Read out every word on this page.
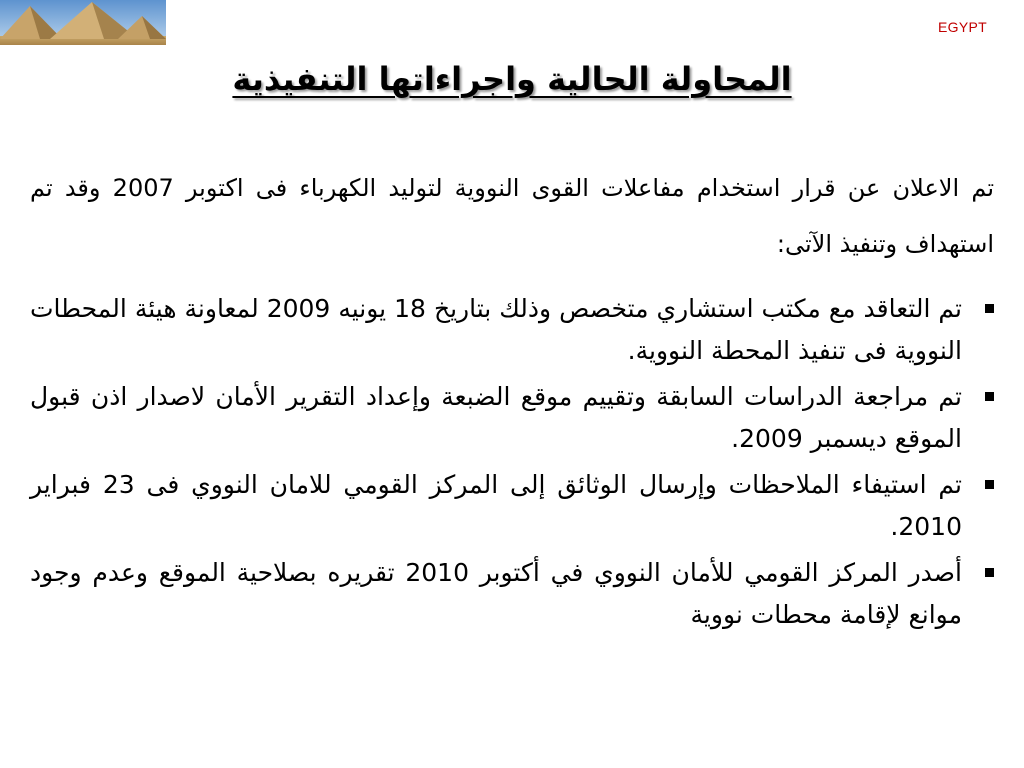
EGYPT
المحاولة الحالية واجراءاتها التنفيذية
تم الاعلان عن قرار استخدام مفاعلات القوى النووية لتوليد الكهرباء فى اكتوبر 2007 وقد تم استهداف وتنفيذ الآتى:
تم التعاقد مع مكتب استشاري متخصص وذلك بتاريخ 18 يونيه 2009 لمعاونة هيئة المحطات النووية فى تنفيذ المحطة النووية.
تم مراجعة الدراسات السابقة وتقييم موقع الضبعة وإعداد التقرير الأمان لاصدار اذن قبول الموقع ديسمبر 2009.
تم استيفاء الملاحظات وإرسال الوثائق إلى المركز القومي للامان النووي فى 23 فبراير 2010.
أصدر المركز القومي للأمان النووي في أكتوبر 2010 تقريره بصلاحية الموقع وعدم وجود موانع لإقامة محطات نووية
